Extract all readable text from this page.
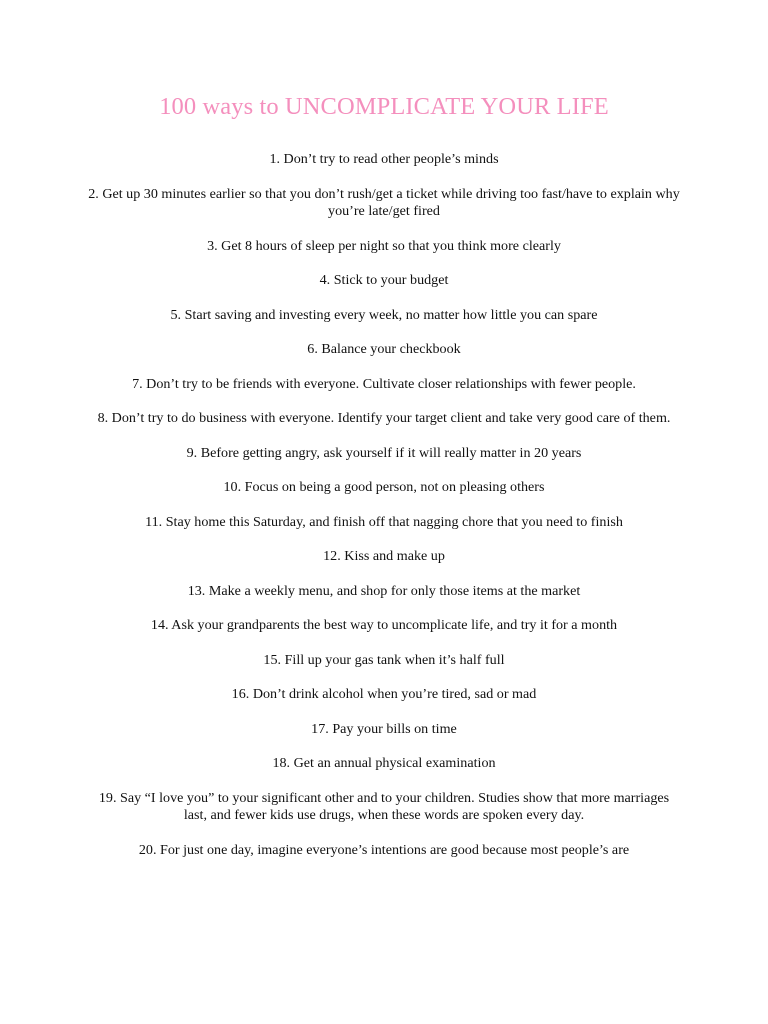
100 ways to UNCOMPLICATE YOUR LIFE
1. Don’t try to read other people’s minds
2. Get up 30 minutes earlier so that you don’t rush/get a ticket while driving too fast/have to explain why you’re late/get fired
3. Get 8 hours of sleep per night so that you think more clearly
4. Stick to your budget
5. Start saving and investing every week, no matter how little you can spare
6. Balance your checkbook
7. Don’t try to be friends with everyone. Cultivate closer relationships with fewer people.
8. Don’t try to do business with everyone. Identify your target client and take very good care of them.
9. Before getting angry, ask yourself if it will really matter in 20 years
10. Focus on being a good person, not on pleasing others
11. Stay home this Saturday, and finish off that nagging chore that you need to finish
12. Kiss and make up
13. Make a weekly menu, and shop for only those items at the market
14. Ask your grandparents the best way to uncomplicate life, and try it for a month
15. Fill up your gas tank when it’s half full
16. Don’t drink alcohol when you’re tired, sad or mad
17. Pay your bills on time
18. Get an annual physical examination
19. Say “I love you” to your significant other and to your children. Studies show that more marriages last, and fewer kids use drugs, when these words are spoken every day.
20. For just one day, imagine everyone’s intentions are good because most people’s are
